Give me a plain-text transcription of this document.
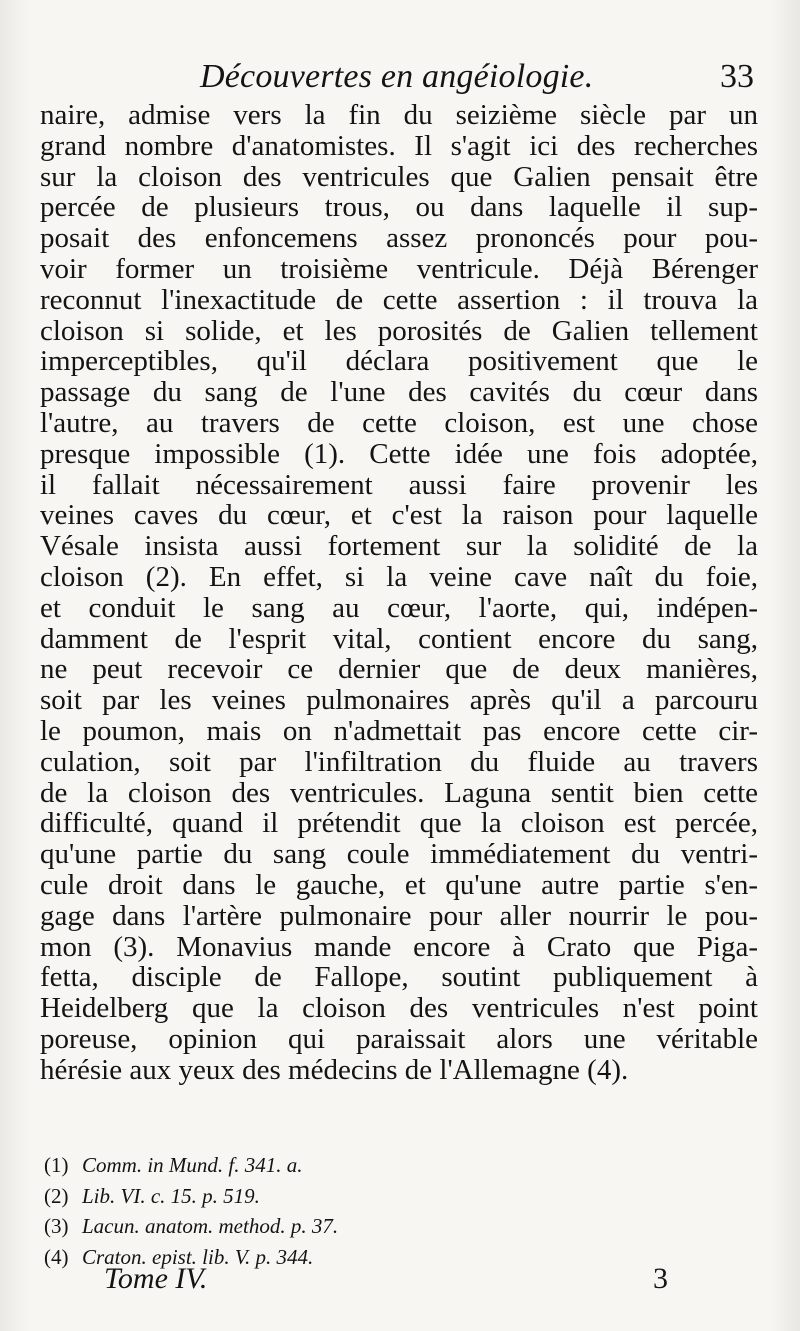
Découvertes en angéiologie.	33
naire, admise vers la fin du seizième siècle par un
grand nombre d'anatomistes. Il s'agit ici des recherches
sur la cloison des ventricules que Galien pensait être
percée de plusieurs trous, ou dans laquelle il sup-
posait des enfoncemens assez prononcés pour pou-
voir former un troisième ventricule. Déjà Bérenger
reconnut l'inexactitude de cette assertion : il trouva la
cloison si solide, et les porosités de Galien tellement
imperceptibles, qu'il déclara positivement que le
passage du sang de l'une des cavités du cœur dans
l'autre, au travers de cette cloison, est une chose
presque impossible (1). Cette idée une fois adoptée,
il fallait nécessairement aussi faire provenir les
veines caves du cœur, et c'est la raison pour laquelle
Vésale insista aussi fortement sur la solidité de la
cloison (2). En effet, si la veine cave naît du foie,
et conduit le sang au cœur, l'aorte, qui, indépen-
damment de l'esprit vital, contient encore du sang,
ne peut recevoir ce dernier que de deux manières,
soit par les veines pulmonaires après qu'il a parcouru
le poumon, mais on n'admettait pas encore cette cir-
culation, soit par l'infiltration du fluide au travers
de la cloison des ventricules. Laguna sentit bien cette
difficulté, quand il prétendit que la cloison est percée,
qu'une partie du sang coule immédiatement du ventri-
cule droit dans le gauche, et qu'une autre partie s'en-
gage dans l'artère pulmonaire pour aller nourrir le pou-
mon (3). Monavius mande encore à Crato que Piga-
fetta, disciple de Fallope, soutint publiquement à
Heidelberg que la cloison des ventricules n'est point
poreuse, opinion qui paraissait alors une véritable
hérésie aux yeux des médecins de l'Allemagne (4).
(1) Comm. in Mund. f. 341. a.
(2) Lib. VI. c. 15. p. 519.
(3) Lacun. anatom. method. p. 37.
(4) Craton. epist. lib. V. p. 344.
Tome IV.	3
